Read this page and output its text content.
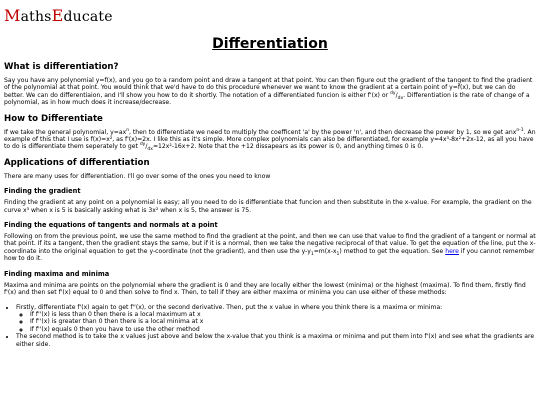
MathsEducate
Differentiation
What is differentiation?

Say you have any polynomial y=f(x), and you go to a random point and draw a tangent at that point. You can then figure out the gradient of the tangent to find the gradient of the polynomial at that point. You would think that we'd have to do this procedure whenever we want to know the gradient at a certain point of y=f(x), but we can do better. We can do differentiaion, and I'll show you how to do it shortly. The notation of a differentiated funcion is either f'(x) or $^{dy}/_{dx}$. Differentiation is the rate of change of a polynomial, as in how much does it increase/decrease.

How to Differentiate

If we take the general polynomial, $y=ax^n$, then to differentiate we need to multiply the coefficent 'a' by the power 'n', and then decrease the power by 1, so we get anx$^{n-1}$. An example of this that I use is f(x)=x², as f'(x)=2x. I like this as it's simple. More complex polynomials can also be differentiated, for example y=4x³-8x²+2x-12, as all you have to do is differentiate them seperately to get $^{dy}/_{dx}=12x^2-16x+2$. Note that the +12 dissapears as its power is 0, and anything times 0 is 0.

Applications of differentiation

There are many uses for differentiation. I'll go over some of the ones you need to know

Finding the gradient

Finding the gradient at any point on a polynomial is easy; all you need to do is differentiate that funcion and then substitute in the x-value. For example, the gradient on the curve x³ when x is 5 is basically asking what is 3x² when x is 5, the answer is 75.

Finding the equations of tangents and normals at a point

Following on from the previous point, we use the same method to find the gradient at the point, and then we can use that value to find the gradient of a tangent or normal at that point. If its a tangent, then the gradient stays the same, but if it is a normal, then we take the negative reciprocal of that value. To get the equation of the line, put the x-coordinate into the original equation to get the y-coordinate (not the gradient), and then use the $y-y_1=m(x-x_1)$ method to get the equation. See here if you cannot remember how to do it.

Finding maxima and minima

Maxima and minima are points on the polynomial where the gradient is 0 and they are locally either the lowest (minima) or the highest (maxima). To find them, firstly find f'(x) and then set f'(x) equal to 0 and then solve to find x. Then, to tell if they are either maxima or minima you can use either of these methods:

• Firstly, differentiate f'(x) again to get f''(x), or the second derivative. Then, put the x value in where you think there is a maxima or minima:
◦ If f''(x) is less than 0 then there is a local maximum at x
◦ If f''(x) is greater than 0 then there is a local minima at x
◦ If f''(x) equals 0 then you have to use the other method
• The second method is to take the x values just above and below the x-value that you think is a maxima or minima and put them into f'(x) and see what the gradients are either side.
